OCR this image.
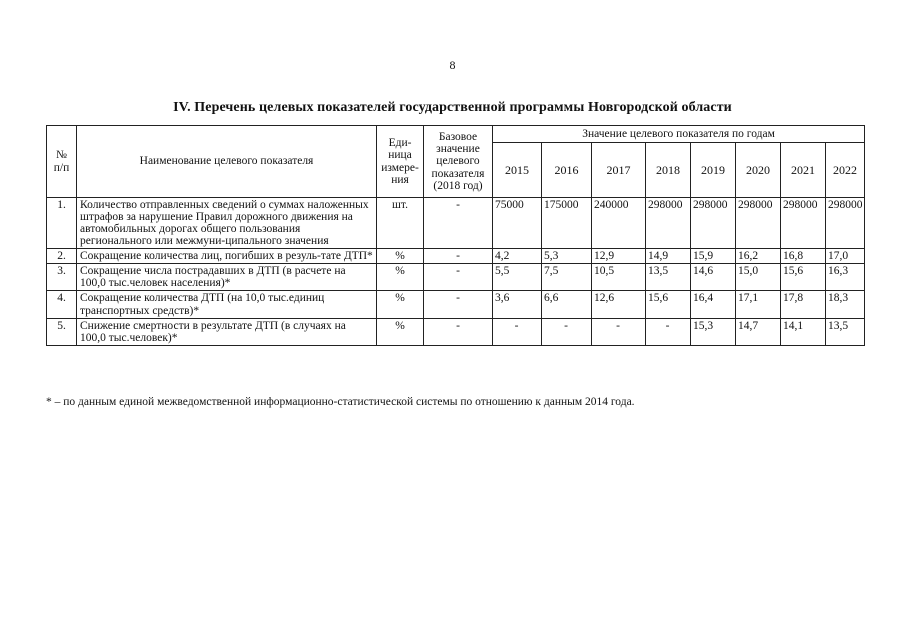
8
IV. Перечень целевых показателей государственной программы Новгородской области
№ п/п	Наименование целевого показателя	Еди-ница измере-ния	Базовое значение целевого показателя (2018 год)	Значение целевого показателя по годам							
				2015	2016	2017	2018	2019	2020	2021	2022
1.	Количество отправленных сведений о суммах наложенных штрафов за нарушение Правил дорожного движения на автомобильных дорогах общего пользования регионального или межмуни-ципального значения	шт.	-	75000	175000	240000	298000	298000	298000	298000	298000
2.	Сокращение количества лиц, погибших в резуль-тате ДТП*	%	-	4,2	5,3	12,9	14,9	15,9	16,2	16,8	17,0
3.	Сокращение числа пострадавших в ДТП (в расчете на 100,0 тыс.человек населения)*	%	-	5,5	7,5	10,5	13,5	14,6	15,0	15,6	16,3
4.	Сокращение количества ДТП (на 10,0 тыс.единиц транспортных средств)*	%	-	3,6	6,6	12,6	15,6	16,4	17,1	17,8	18,3
5.	Снижение смертности в результате ДТП (в случаях на 100,0 тыс.человек)*	%	-	-	-	-	-	15,3	14,7	14,1	13,5
* – по данным единой межведомственной информационно-статистической системы по отношению к данным 2014 года.
